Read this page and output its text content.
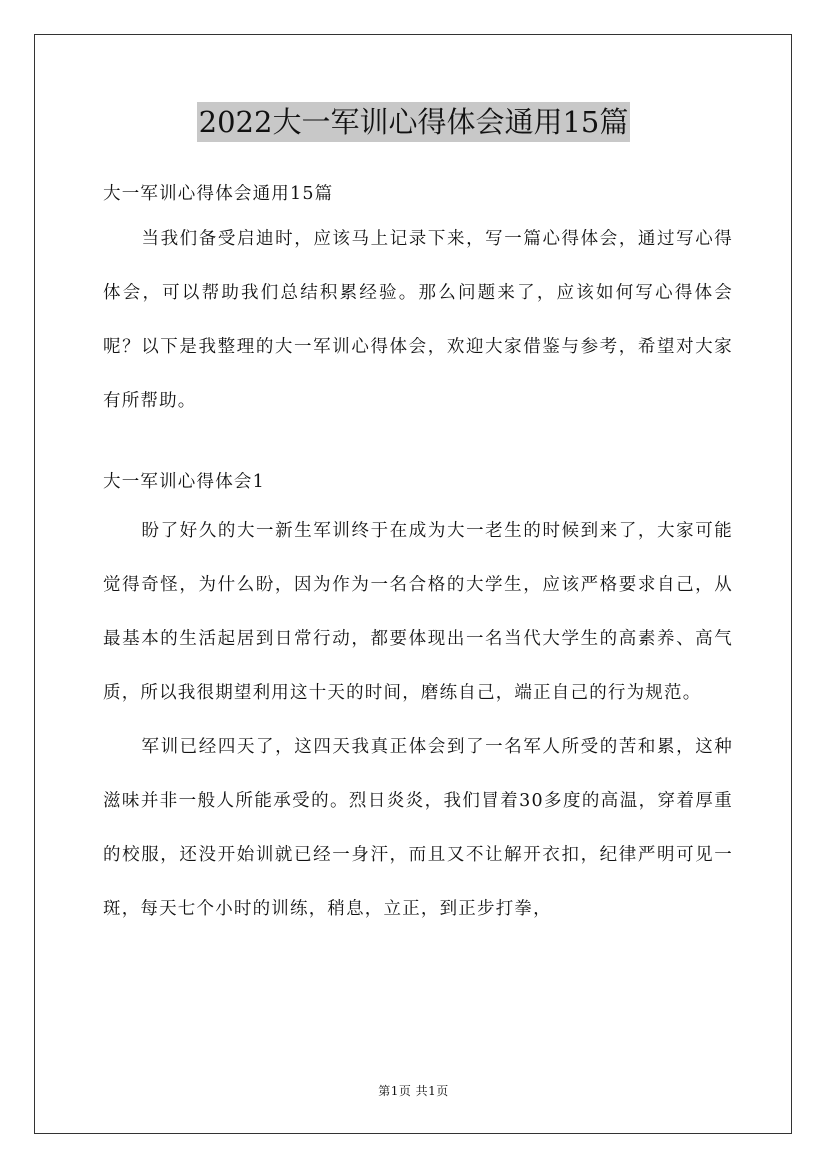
2022大一军训心得体会通用15篇

大一军训心得体会通用15篇

当我们备受启迪时，应该马上记录下来，写一篇心得体会，通过写心得体会，可以帮助我们总结积累经验。那么问题来了，应该如何写心得体会呢？以下是我整理的大一军训心得体会，欢迎大家借鉴与参考，希望对大家有所帮助。

大一军训心得体会1

盼了好久的大一新生军训终于在成为大一老生的时候到来了，大家可能觉得奇怪，为什么盼，因为作为一名合格的大学生，应该严格要求自己，从最基本的生活起居到日常行动，都要体现出一名当代大学生的高素养、高气质，所以我很期望利用这十天的时间，磨练自己，端正自己的行为规范。

军训已经四天了，这四天我真正体会到了一名军人所受的苦和累，这种滋味并非一般人所能承受的。烈日炎炎，我们冒着30多度的高温，穿着厚重的校服，还没开始训就已经一身汗，而且又不让解开衣扣，纪律严明可见一斑，每天七个小时的训练，稍息，立正，到正步打拳，

第1页 共1页
